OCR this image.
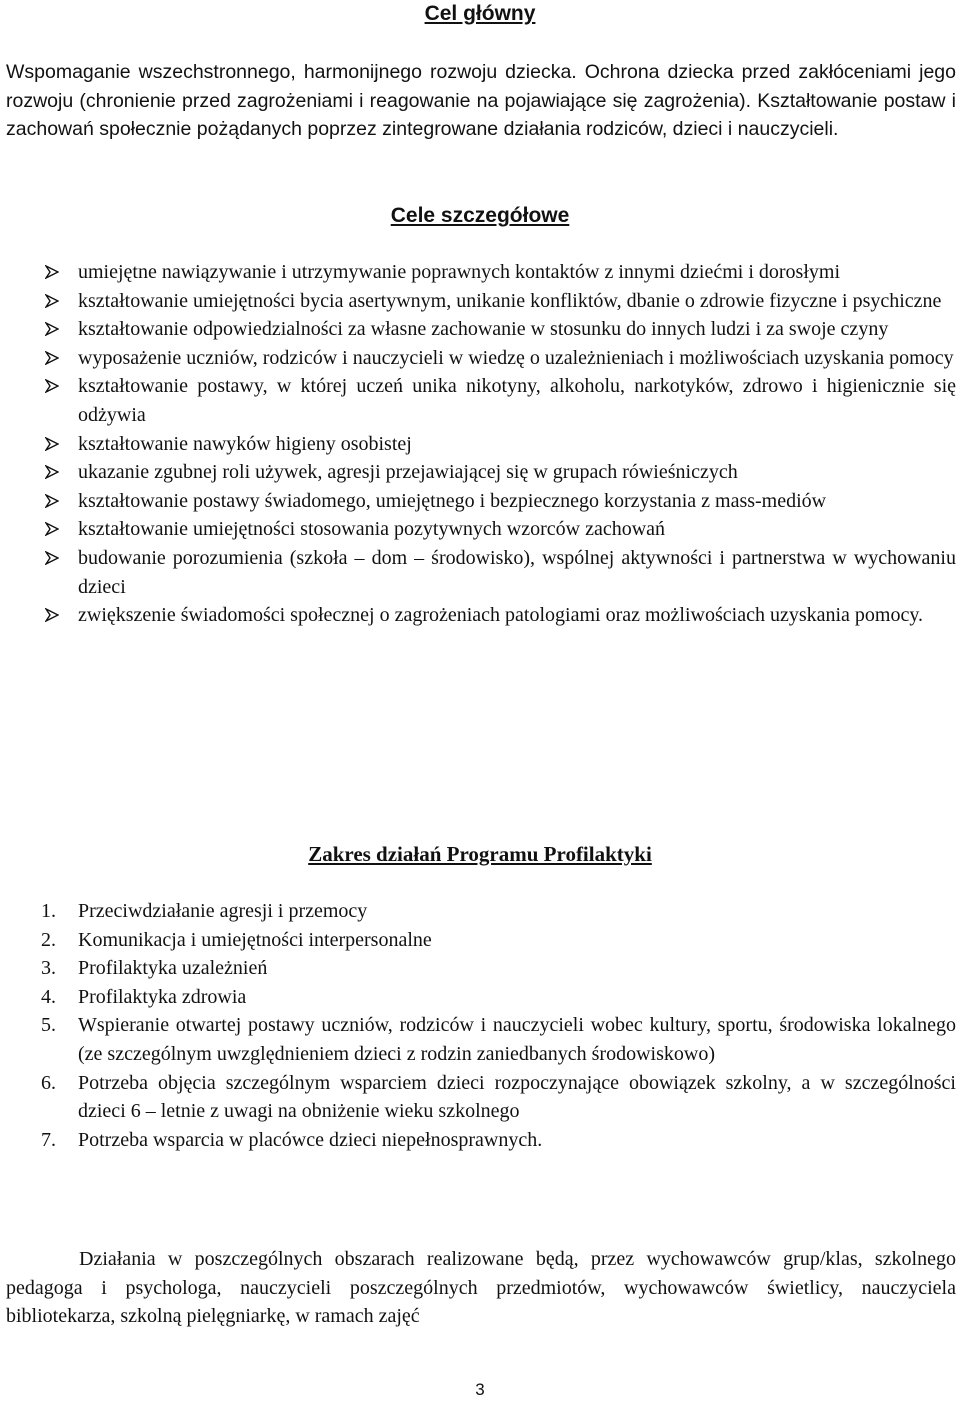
Cel główny

Wspomaganie wszechstronnego, harmonijnego rozwoju dziecka. Ochrona dziecka przed zakłóceniami jego rozwoju (chronienie przed zagrożeniami i reagowanie na pojawiające się zagrożenia). Kształtowanie postaw i zachowań społecznie pożądanych poprzez zintegrowane działania rodziców, dzieci i nauczycieli.

Cele szczegółowe
umiejętne nawiązywanie i utrzymywanie poprawnych kontaktów z innymi dziećmi i dorosłymi
kształtowanie umiejętności bycia asertywnym, unikanie konfliktów, dbanie o zdrowie fizyczne i psychiczne
kształtowanie odpowiedzialności za własne zachowanie w stosunku do innych ludzi i za swoje czyny
wyposażenie uczniów, rodziców i nauczycieli w wiedzę o uzależnieniach i możliwościach uzyskania pomocy
kształtowanie postawy, w której uczeń unika nikotyny, alkoholu, narkotyków, zdrowo i higienicznie się odżywia
kształtowanie nawyków higieny osobistej
ukazanie zgubnej roli używek, agresji przejawiającej się w grupach rówieśniczych
kształtowanie postawy świadomego, umiejętnego i bezpiecznego korzystania z mass-mediów
kształtowanie umiejętności stosowania pozytywnych wzorców zachowań
budowanie porozumienia (szkoła – dom – środowisko), wspólnej aktywności i partnerstwa w wychowaniu dzieci
zwiększenie świadomości społecznej o zagrożeniach patologiami oraz możliwościach uzyskania pomocy.
Zakres działań Programu Profilaktyki
1. Przeciwdziałanie agresji i przemocy
2. Komunikacja i umiejętności interpersonalne
3. Profilaktyka uzależnień
4. Profilaktyka zdrowia
5. Wspieranie otwartej postawy uczniów, rodziców i nauczycieli wobec kultury, sportu, środowiska lokalnego (ze szczególnym uwzględnieniem dzieci z rodzin zaniedbanych środowiskowo)
6. Potrzeba objęcia szczególnym wsparciem dzieci rozpoczynające obowiązek szkolny, a w szczególności dzieci 6 – letnie z uwagi na obniżenie wieku szkolnego
7. Potrzeba wsparcia w placówce dzieci niepełnosprawnych.

Działania w poszczególnych obszarach realizowane będą, przez wychowawców grup/klas, szkolnego pedagoga i psychologa, nauczycieli poszczególnych przedmiotów, wychowawców świetlicy, nauczyciela bibliotekarza, szkolną pielęgniarkę, w ramach zajęć

3
